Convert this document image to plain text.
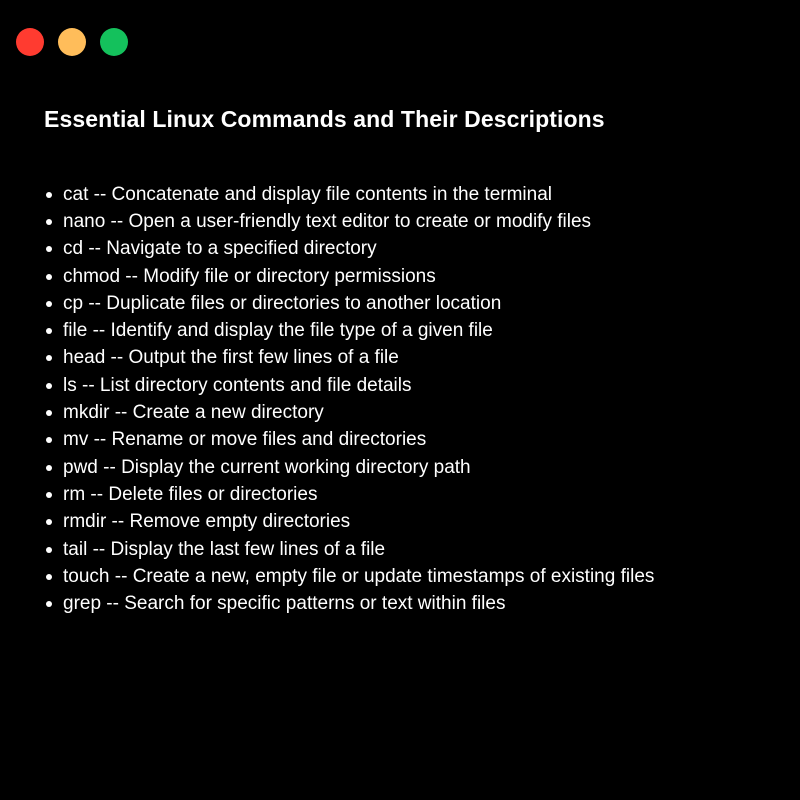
Essential Linux Commands and Their Descriptions
cat -- Concatenate and display file contents in the terminal
nano -- Open a user-friendly text editor to create or modify files
cd -- Navigate to a specified directory
chmod -- Modify file or directory permissions
cp -- Duplicate files or directories to another location
file -- Identify and display the file type of a given file
head -- Output the first few lines of a file
ls -- List directory contents and file details
mkdir -- Create a new directory
mv -- Rename or move files and directories
pwd -- Display the current working directory path
rm -- Delete files or directories
rmdir -- Remove empty directories
tail -- Display the last few lines of a file
touch -- Create a new, empty file or update timestamps of existing files
grep -- Search for specific patterns or text within files
